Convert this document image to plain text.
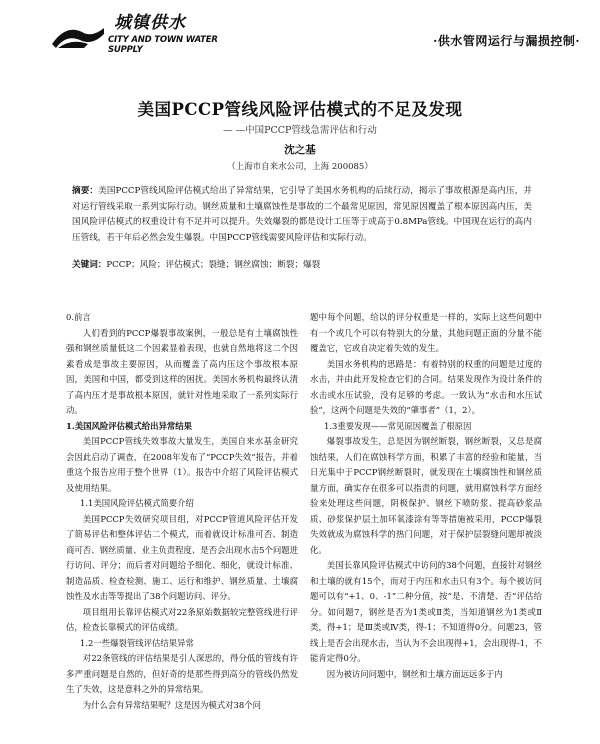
城镇供水
CITY AND TOWN WATER SUPPLY
·供水管网运行与漏损控制·
美国PCCP管线风险评估模式的不足及发现
— —中国PCCP管线急需评估和行动
沈之基
（上海市自来水公司，上海 200085）
摘要：美国PCCP管线风险评估模式给出了异常结果，它引导了美国水务机构的后续行动，揭示了事故根源是高内压，并对运行管线采取一系列实际行动。钢丝质量和土壤腐蚀性是事故的二个最常见原因，常见原因覆盖了根本原因高内压，美国风险评估模式的权重设计有不足并可以提升。失效爆裂的都是设计工压等于或高于0.8MPa管线。中国现在运行的高内压管线，若干年后必然会发生爆裂。中国PCCP管线需要风险评估和实际行动。
关键词：PCCP；风险；评估模式；裂缝；钢丝腐蚀；断裂；爆裂

0.前言

人们看到的PCCP爆裂事故案例，一般总是有土壤腐蚀性强和钢丝质量低这二个因素显着表现，也就自然地将这二个因素看成是事故主要原因，从而覆盖了高内压这个事故根本原因，美国和中国，都受到这样的困扰。美国水务机构最终认清了高内压才是事故根本原因，就针对性地采取了一系列实际行动。

1.美国风险评估模式给出异常结果

美国PCCP管线失效事故大量发生，美国自来水基金研究会因此启动了调查，在2008年发布了“PCCP失效”报告，并着重这个报告应用于整个世界（1）。报告中介绍了风险评估模式及使用结果。

1.1美国风险评估模式简要介绍

美国PCCP失效研究项目组，对PCCP管道风险评估开发了简易评估和整体评估二个模式，而着就设计标准可否、制造商可否、钢丝质量、业主负责程度、是否会出现水击5个问题进行访问、评分；而后者对问题给予细化、细化，就设计标准、制造品质、检查检测、施工、运行和维护、钢丝质量、土壤腐蚀性及水击等等提出了38个问题访问、评分。

项目组用长靠评估模式对22条原始数据较完整管线进行评估，检查长靠模式的评估成绩。

1.2一些爆裂管线评估结果异常

对22条管线的评估结果是引人深思的，得分低的管线有许多严重问题是自然的，但好奇的是那些得到高分的管线仍然发生了失效，这是意料之外的异常结果。

为什么会有异常结果呢？这是因为模式对38个问

题中每个问题，给以的评分权重是一样的，实际上这些问题中有一个或几个可以有特别大的分量，其他问题正面的分量不能覆盖它，它或自决定着失效的发生。

美国水务机构的思路是：有着特别的权重的问题是过度的水击，并由此开发检查它们的合同。结果发现作为设计条件的水击或水压试验，没有足够的考虑。一致认为“水击和水压试验”，这两个问题是失效的“肇事者”（1，2）。

1.3重要发现——常见原因覆盖了根原因

爆裂事故发生，总是因为钢丝断裂，钢丝断裂，又总是腐蚀结果，人们在腐蚀科学方面，积累了丰富的经验和能量，当日光集中于PCCP钢丝断裂时，就发现在土壤腐蚀性和钢丝质量方面，确实存在很多可以指责的问题，就用腐蚀科学方面经验来处理这些问题，阴极保护、钢丝下喷防浆、提高砂浆品质、砂浆保护层土加环氧漆涂有等等措施被采用，PCCP爆裂失效就成为腐蚀科学的热门问题，对于保护层裂缝问题却被淡化。

美国长靠风险评估模式中访问的38个问题，直接针对钢丝和土壤的就有15个，而对于内压和水击只有3个。每个被访问题可以有“+1、0、-1”二种分值，按“是、不清楚、否”评估给分。如问题7，钢丝是否为1类或Ⅱ类，当知道钢丝为1类或Ⅱ类，得+1；是Ⅲ类或Ⅳ类，得-1；不知道得0分。问题23，管线上是否会出现水击，当认为不会出现得+1，会出现得-1，不能肯定得0分。

因为被访问问题中，钢丝和土壤方面远远多于内
